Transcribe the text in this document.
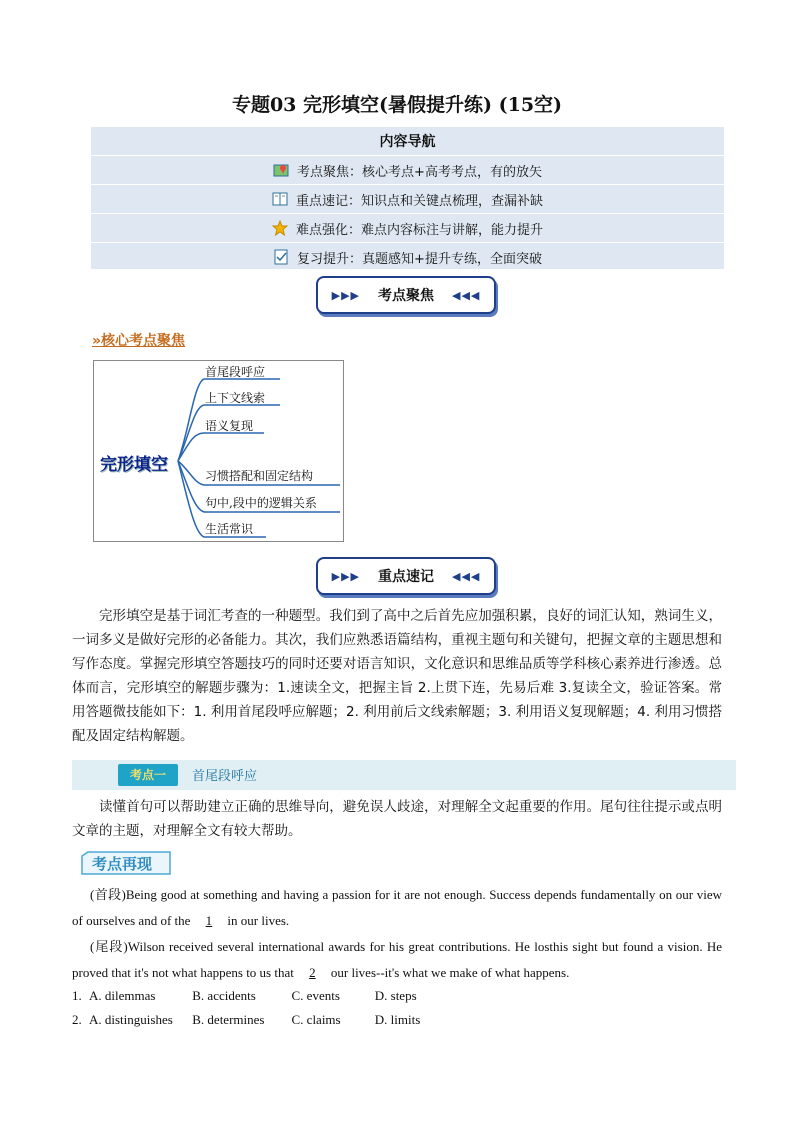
专题03 完形填空(暑假提升练) (15空)
内容导航
考点聚焦：核心考点+高考考点，有的放矢
重点速记：知识点和关键点梳理，查漏补缺
难点强化：难点内容标注与讲解，能力提升
复习提升：真题感知+提升专练，全面突破
▶▶▶ 考点聚焦 ◀◀◀
»核心考点聚焦
完形填空
首尾段呼应
上下文线索
语义复现
习惯搭配和固定结构
句中,段中的逻辑关系
生活常识
▶▶▶ 重点速记 ◀◀◀
完形填空是基于词汇考查的一种题型。我们到了高中之后首先应加强积累，良好的词汇认知，熟词生义，一词多义是做好完形的必备能力。其次，我们应熟悉语篇结构，重视主题句和关键句，把握文章的主题思想和写作态度。掌握完形填空答题技巧的同时还要对语言知识，文化意识和思维品质等学科核心素养进行渗透。总体而言，完形填空的解题步骤为：1.速读全文，把握主旨 2.上贯下连，先易后难 3.复读全文，验证答案。常用答题微技能如下：1. 利用首尾段呼应解题；2. 利用前后文线索解题；3. 利用语义复现解题；4. 利用习惯搭配及固定结构解题。
考点一	首尾段呼应
读懂首句可以帮助建立正确的思维导向，避免误人歧途，对理解全文起重要的作用。尾句往往提示或点明文章的主题，对理解全文有较大帮助。
考点再现
(首段)Being good at something and having a passion for it are not enough. Success depends fundamentally on our view of ourselves and of the 1 in our lives.
(尾段)Wilson received several international awards for his great contributions. He losthis sight but found a vision. He proved that it's not what happens to us that 2 our lives--it's what we make of what happens.
1. A. dilemmas	B. accidents	C. events	D. steps
2. A. distinguishes B. determines C. claims	D. limits
